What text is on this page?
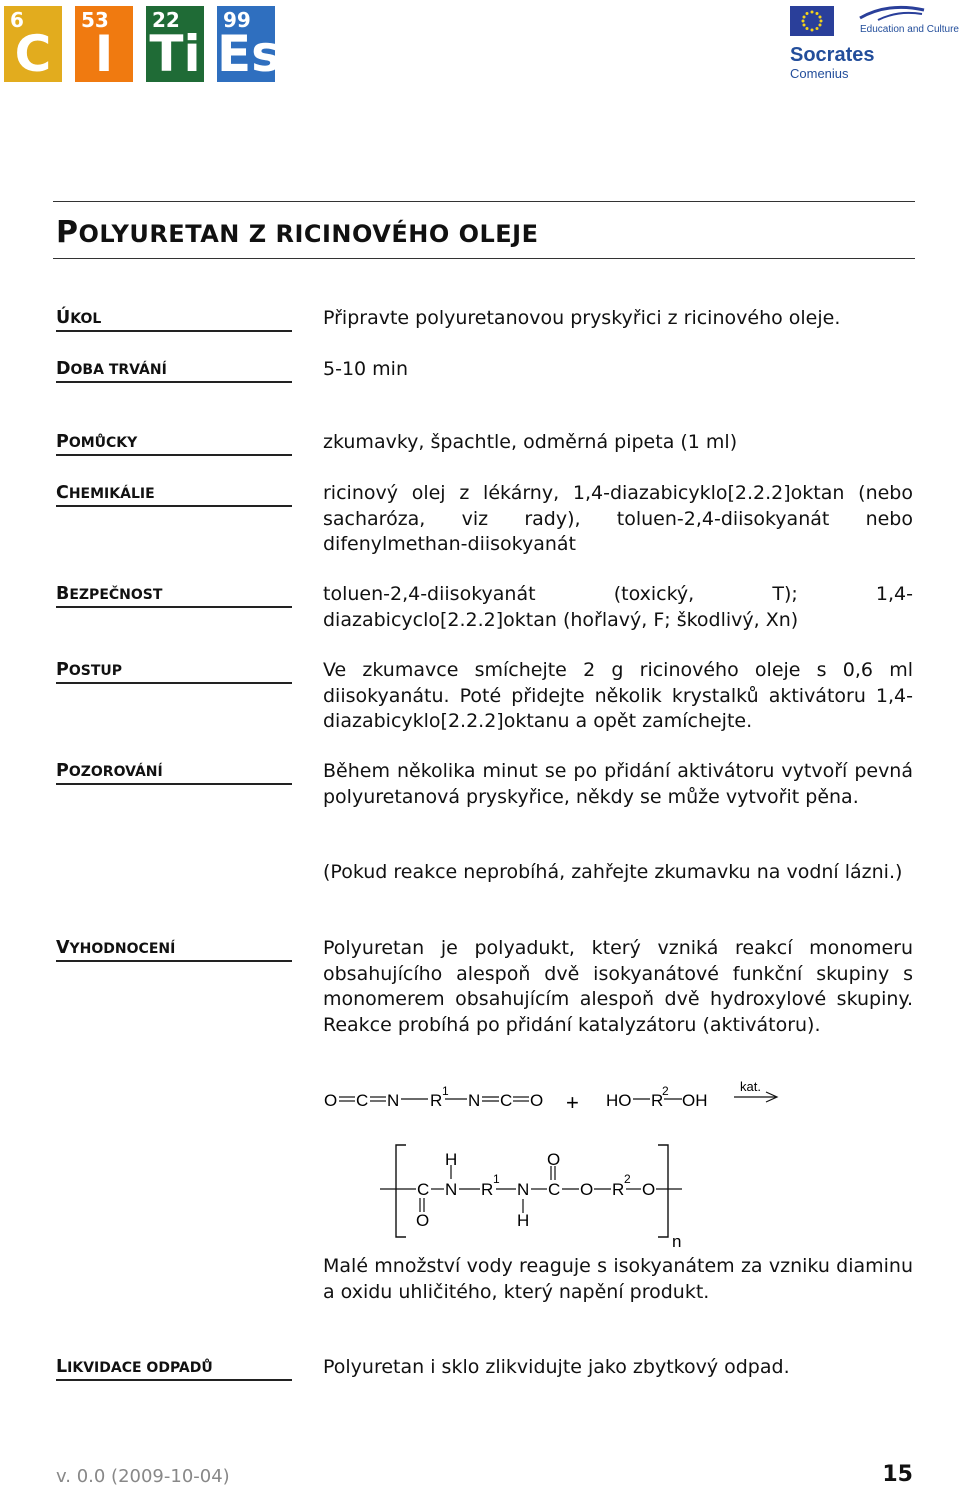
6
C
53
I
22
Ti
99
Es	Education and Culture
Socrates
Comenius
POLYURETAN Z RICINOVÉHO OLEJE
ÚKOL	Připravte polyuretanovou pryskyřici z ricinového oleje.
DOBA TRVÁNÍ	5-10 min
POMŮCKY	zkumavky, špachtle, odměrná pipeta (1 ml)
CHEMIKÁLIE	ricinový olej z lékárny, 1,4-diazabicyklo[2.2.2]oktan (nebo sacharóza, viz rady), toluen-2,4-diisokyanát nebo difenylmethan-diisokyanát
BEZPEČNOST	toluen-2,4-diisokyanát (toxický, T); 1,4-diazabicyclo[2.2.2]oktan (hořlavý, F; škodlivý, Xn)
POSTUP	Ve zkumavce smíchejte 2 g ricinového oleje s 0,6 ml diisokyanátu. Poté přidejte několik krystalků aktivátoru 1,4-diazabicyklo[2.2.2]oktanu a opět zamíchejte.
POZOROVÁNÍ	Během několika minut se po přidání aktivátoru vytvoří pevná polyuretanová pryskyřice, někdy se může vytvořit pěna.
(Pokud reakce neprobíhá, zahřejte zkumavku na vodní lázni.)
VYHODNOCENÍ	Polyuretan je polyadukt, který vzniká reakcí monomeru obsahujícího alespoň dvě isokyanátové funkční skupiny s monomerem obsahujícím alespoň dvě hydroxylové skupiny. Reakce probíhá po přidání katalyzátoru (aktivátoru).
O C N R 1 N C O + HO R
2 OH
kat.
n
C
O
N
H
R
1
N
H
C
O
O R
2
O
Malé množství vody reaguje s isokyanátem za vzniku diaminu a oxidu uhličitého, který napění produkt.
LIKVIDACE ODPADŮ	Polyuretan i sklo zlikvidujte jako zbytkový odpad.
v. 0.0 (2009-10-04)	15
